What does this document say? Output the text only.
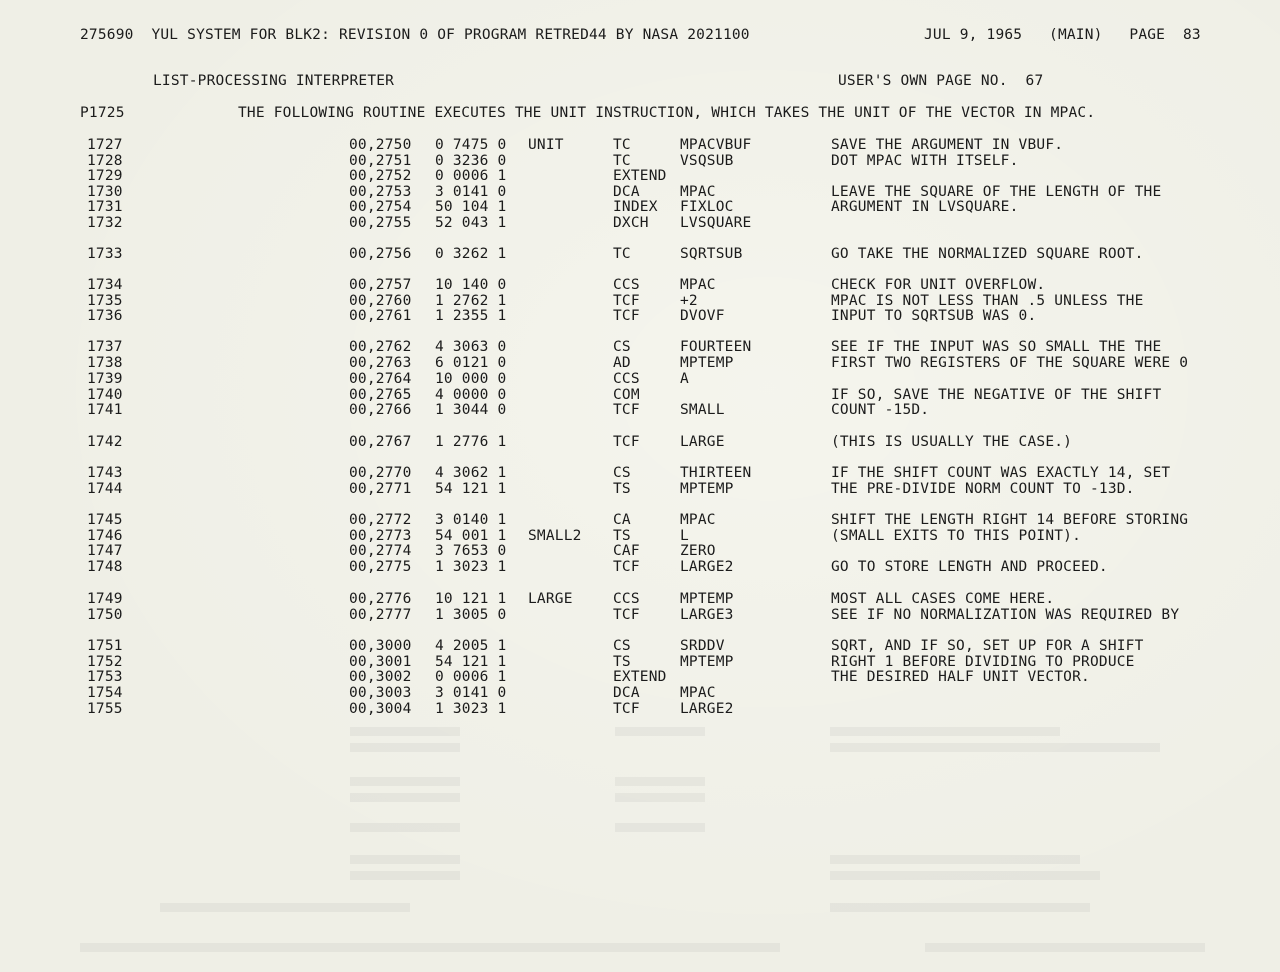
275690  YUL SYSTEM FOR BLK2: REVISION 0 OF PROGRAM RETRED44 BY NASA 2021100	JUL 9, 1965   (MAIN)   PAGE  83
LIST-PROCESSING INTERPRETER	USER'S OWN PAGE NO.  67
P1725	THE FOLLOWING ROUTINE EXECUTES THE UNIT INSTRUCTION, WHICH TAKES THE UNIT OF THE VECTOR IN MPAC.
1727	00,2750 0 7475 0 UNIT	TC	MPACVBUF	SAVE THE ARGUMENT IN VBUF.
1728	00,2751 0 3236 0	TC	VSQSUB	DOT MPAC WITH ITSELF.
1729	00,2752 0 0006 1	EXTEND
1730	00,2753 3 0141 0	DCA	MPAC	LEAVE THE SQUARE OF THE LENGTH OF THE
1731	00,2754 50 104 1	INDEX FIXLOC	ARGUMENT IN LVSQUARE.
1732	00,2755 52 043 1	DXCH LVSQUARE
1733	00,2756 0 3262 1	TC	SQRTSUB	GO TAKE THE NORMALIZED SQUARE ROOT.
1734	00,2757 10 140 0	CCS	MPAC	CHECK FOR UNIT OVERFLOW.
1735	00,2760 1 2762 1	TCF	+2	MPAC IS NOT LESS THAN .5 UNLESS THE
1736	00,2761 1 2355 1	TCF	DVOVF	INPUT TO SQRTSUB WAS 0.
1737	00,2762 4 3063 0	CS	FOURTEEN	SEE IF THE INPUT WAS SO SMALL THE THE
1738	00,2763 6 0121 0	AD	MPTEMP	FIRST TWO REGISTERS OF THE SQUARE WERE 0
1739	00,2764 10 000 0	CCS	A
1740	00,2765 4 0000 0	COM	IF SO, SAVE THE NEGATIVE OF THE SHIFT
1741	00,2766 1 3044 0	TCF	SMALL	COUNT -15D.
1742	00,2767 1 2776 1	TCF	LARGE	(THIS IS USUALLY THE CASE.)
1743	00,2770 4 3062 1	CS	THIRTEEN	IF THE SHIFT COUNT WAS EXACTLY 14, SET
1744	00,2771 54 121 1	TS	MPTEMP	THE PRE-DIVIDE NORM COUNT TO -13D.
1745	00,2772 3 0140 1	CA	MPAC	SHIFT THE LENGTH RIGHT 14 BEFORE STORING
1746	00,2773 54 001 1 SMALL2 TS	L	(SMALL EXITS TO THIS POINT).
1747	00,2774 3 7653 0	CAF	ZERO
1748	00,2775 1 3023 1	TCF	LARGE2	GO TO STORE LENGTH AND PROCEED.
1749	00,2776 10 121 1 LARGE	CCS	MPTEMP	MOST ALL CASES COME HERE.
1750	00,2777 1 3005 0	TCF	LARGE3	SEE IF NO NORMALIZATION WAS REQUIRED BY
1751	00,3000 4 2005 1	CS	SRDDV	SQRT, AND IF SO, SET UP FOR A SHIFT
1752	00,3001 54 121 1	TS	MPTEMP	RIGHT 1 BEFORE DIVIDING TO PRODUCE
1753	00,3002 0 0006 1	EXTEND	THE DESIRED HALF UNIT VECTOR.
1754	00,3003 3 0141 0	DCA	MPAC
1755	00,3004 1 3023 1	TCF	LARGE2
